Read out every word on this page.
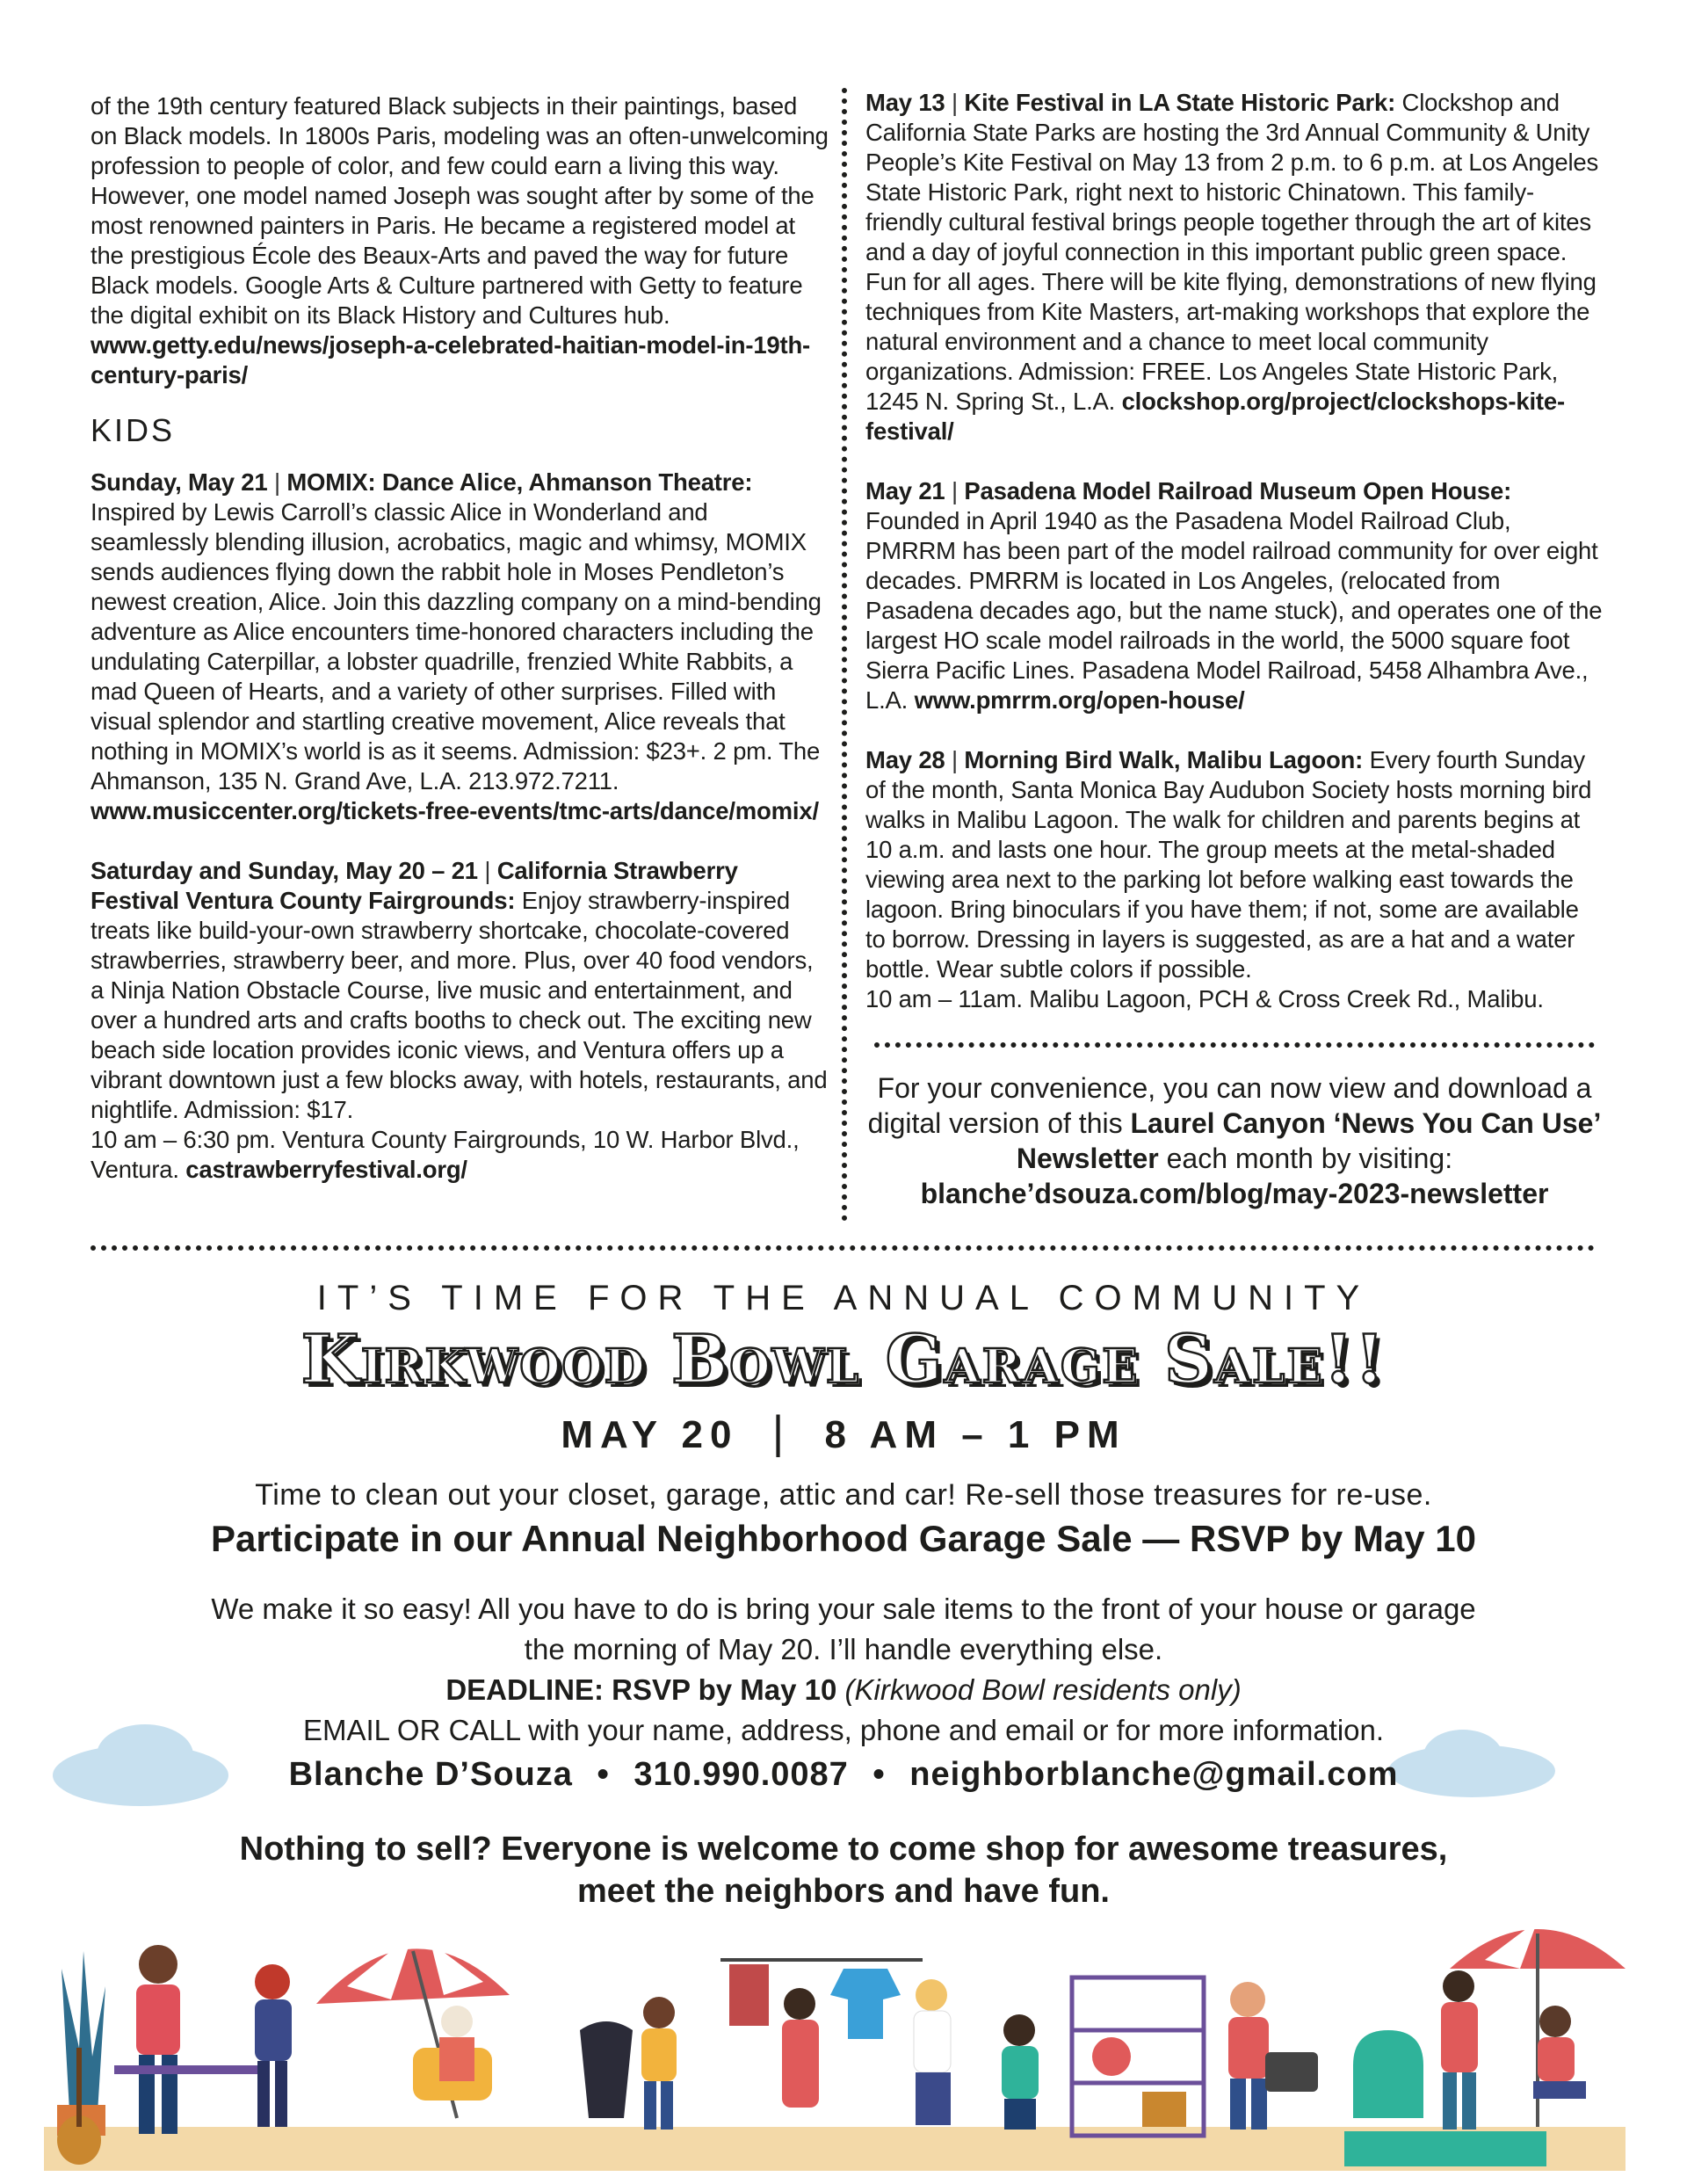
of the 19th century featured Black subjects in their paintings, based on Black models. In 1800s Paris, modeling was an often-unwelcoming profession to people of color, and few could earn a living this way. However, one model named Joseph was sought after by some of the most renowned painters in Paris. He became a registered model at the prestigious École des Beaux-Arts and paved the way for future Black models. Google Arts & Culture partnered with Getty to feature the digital exhibit on its Black History and Cultures hub. www.getty.edu/news/joseph-a-celebrated-haitian-model-in-19th-century-paris/

KIDS

Sunday, May 21 | MOMIX: Dance Alice, Ahmanson Theatre: Inspired by Lewis Carroll’s classic Alice in Wonderland and seamlessly blending illusion, acrobatics, magic and whimsy, MOMIX sends audiences flying down the rabbit hole in Moses Pendleton’s newest creation, Alice. Join this dazzling company on a mind-bending adventure as Alice encounters time-honored characters including the undulating Caterpillar, a lobster quadrille, frenzied White Rabbits, a mad Queen of Hearts, and a variety of other surprises. Filled with visual splendor and startling creative movement, Alice reveals that nothing in MOMIX’s world is as it seems. Admission: $23+. 2 pm. The Ahmanson, 135 N. Grand Ave, L.A. 213.972.7211. www.musiccenter.org/tickets-free-events/tmc-arts/dance/momix/

Saturday and Sunday, May 20 – 21 | California Strawberry Festival Ventura County Fairgrounds: Enjoy strawberry-inspired treats like build-your-own strawberry shortcake, chocolate-covered strawberries, strawberry beer, and more. Plus, over 40 food vendors, a Ninja Nation Obstacle Course, live music and entertainment, and over a hundred arts and crafts booths to check out. The exciting new beach side location provides iconic views, and Ventura offers up a vibrant downtown just a few blocks away, with hotels, restaurants, and nightlife. Admission: $17.
10 am – 6:30 pm. Ventura County Fairgrounds, 10 W. Harbor Blvd., Ventura. castrawberryfestival.org/

May 13 | Kite Festival in LA State Historic Park: Clockshop and California State Parks are hosting the 3rd Annual Community & Unity People’s Kite Festival on May 13 from 2 p.m. to 6 p.m. at Los Angeles State Historic Park, right next to historic Chinatown. This family-friendly cultural festival brings people together through the art of kites and a day of joyful connection in this important public green space. Fun for all ages. There will be kite flying, demonstrations of new flying techniques from Kite Masters, art-making workshops that explore the natural environment and a chance to meet local community organizations. Admission: FREE. Los Angeles State Historic Park, 1245 N. Spring St., L.A. clockshop.org/project/clockshops-kite-festival/

May 21 | Pasadena Model Railroad Museum Open House: Founded in April 1940 as the Pasadena Model Railroad Club, PMRRM has been part of the model railroad community for over eight decades. PMRRM is located in Los Angeles, (relocated from Pasadena decades ago, but the name stuck), and operates one of the largest HO scale model railroads in the world, the 5000 square foot Sierra Pacific Lines. Pasadena Model Railroad, 5458 Alhambra Ave., L.A. www.pmrrm.org/open-house/

May 28 | Morning Bird Walk, Malibu Lagoon: Every fourth Sunday of the month, Santa Monica Bay Audubon Society hosts morning bird walks in Malibu Lagoon. The walk for children and parents begins at 10 a.m. and lasts one hour. The group meets at the metal-shaded viewing area next to the parking lot before walking east towards the lagoon. Bring binoculars if you have them; if not, some are available to borrow. Dressing in layers is suggested, as are a hat and a water bottle. Wear subtle colors if possible.
10 am – 11am. Malibu Lagoon, PCH & Cross Creek Rd., Malibu.

For your convenience, you can now view and download a digital version of this Laurel Canyon ‘News You Can Use’ Newsletter each month by visiting:
blanche’dsouza.com/blog/may-2023-newsletter
IT’S TIME FOR THE ANNUAL COMMUNITY
Kirkwood Bowl Garage Sale!!
MAY 20 | 8 AM – 1 PM
Time to clean out your closet, garage, attic and car! Re-sell those treasures for re-use.
Participate in our Annual Neighborhood Garage Sale — RSVP by May 10
We make it so easy! All you have to do is bring your sale items to the front of your house or garage
the morning of May 20. I’ll handle everything else.
DEADLINE: RSVP by May 10 (Kirkwood Bowl residents only)
EMAIL OR CALL with your name, address, phone and email or for more information.
Blanche D’Souza • 310.990.0087 • neighborblanche@gmail.com
Nothing to sell? Everyone is welcome to come shop for awesome treasures,
meet the neighbors and have fun.
